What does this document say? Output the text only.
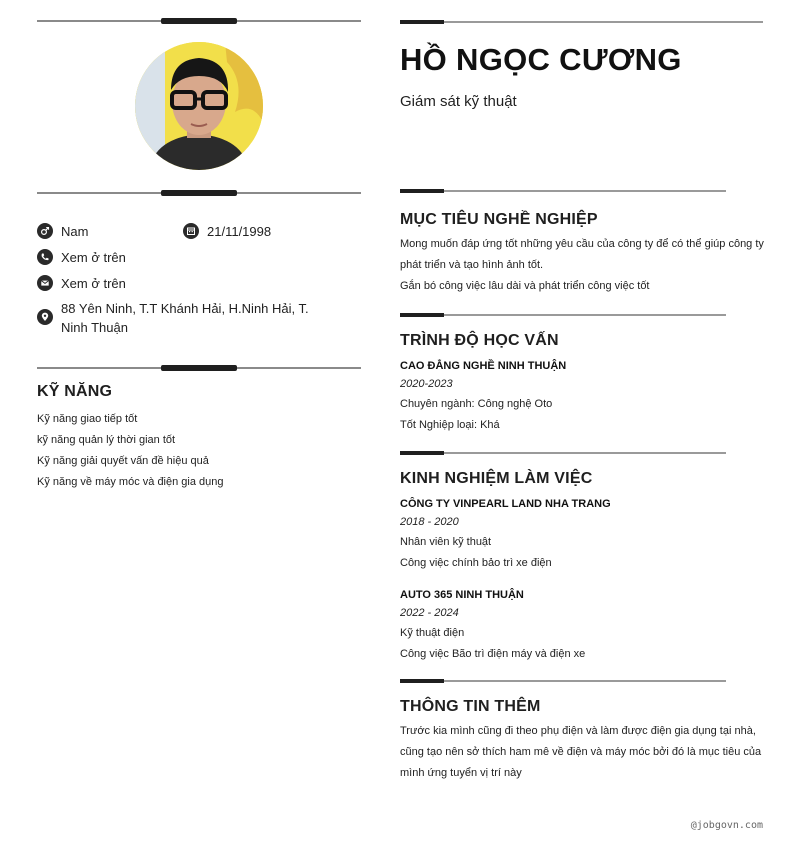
Nam	21/11/1998
Xem ở trên
Xem ở trên
88 Yên Ninh, T.T Khánh Hải, H.Ninh Hải, T. Ninh Thuận
KỸ NĂNG
Kỹ năng giao tiếp tốt
kỹ năng quản lý thời gian tốt
Kỹ năng giải quyết vấn đề hiệu quả
Kỹ năng về máy móc và điện gia dụng
HỒ NGỌC CƯƠNG
Giám sát kỹ thuật
MỤC TIÊU NGHỀ NGHIỆP

Mong muốn đáp ứng tốt những yêu cầu của công ty để có thể giúp công ty phát triển và tạo hình ảnh tốt.

Gắn bó công việc lâu dài và phát triển công việc tốt

TRÌNH ĐỘ HỌC VẤN
CAO ĐẲNG NGHỀ NINH THUẬN
2020-2023

Chuyên ngành: Công nghệ Oto

Tốt Nghiệp loại: Khá

KINH NGHIỆM LÀM VIỆC
CÔNG TY VINPEARL LAND NHA TRANG
2018 - 2020

Nhân viên kỹ thuật

Công việc chính bảo trì xe điện

AUTO 365 NINH THUẬN
2022 - 2024

Kỹ thuật điện

Công việc Bão trì điện máy và điện xe

THÔNG TIN THÊM

Trước kia mình cũng đi theo phụ điện và làm được điện gia dụng tại nhà, cũng tạo nên sở thích ham mê về điện và máy móc bởi đó là mục tiêu của mình ứng tuyển vị trí này

@jobgovn.com
